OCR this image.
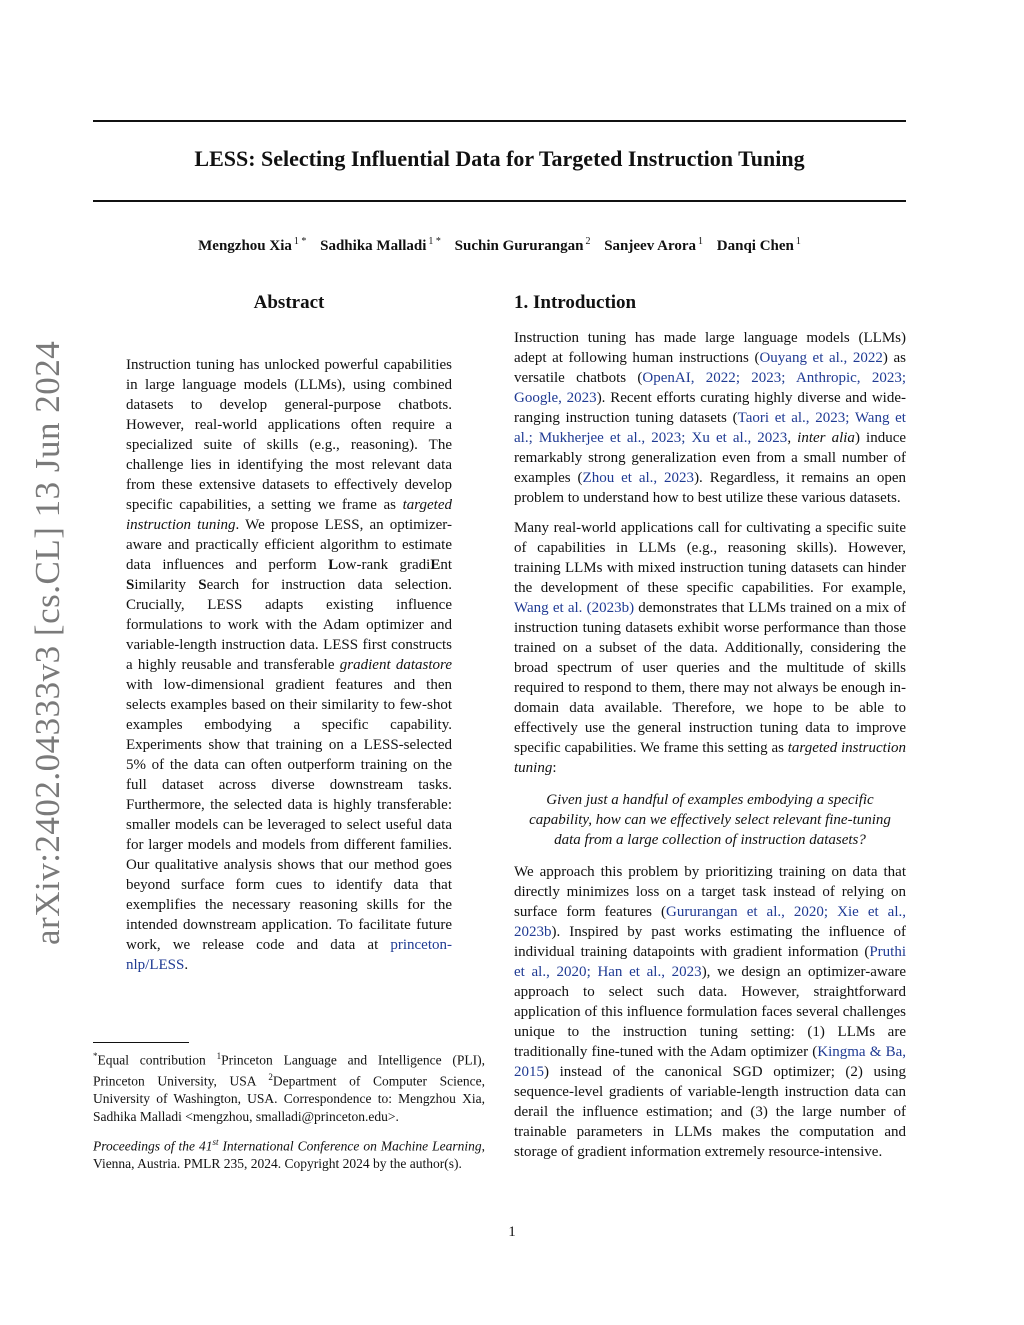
LESS: Selecting Influential Data for Targeted Instruction Tuning
Mengzhou Xia $^{1 *}$ Sadhika Malladi $^{1 *}$ Suchin Gururangan $^2$ Sanjeev Arora $^1$ Danqi Chen $^1$
arXiv:2402.04333v3 [cs.CL] 13 Jun 2024
Abstract
Instruction tuning has unlocked powerful capabilities in large language models (LLMs), using combined datasets to develop general-purpose chatbots. However, real-world applications often require a specialized suite of skills (e.g., reasoning). The challenge lies in identifying the most relevant data from these extensive datasets to effectively develop specific capabilities, a setting we frame as targeted instruction tuning. We propose LESS, an optimizer-aware and practically efficient algorithm to estimate data influences and perform Low-rank gradiEnt Similarity Search for instruction data selection. Crucially, LESS adapts existing influence formulations to work with the Adam optimizer and variable-length instruction data. LESS first constructs a highly reusable and transferable gradient datastore with low-dimensional gradient features and then selects examples based on their similarity to few-shot examples embodying a specific capability. Experiments show that training on a LESS-selected 5% of the data can often outperform training on the full dataset across diverse downstream tasks. Furthermore, the selected data is highly transferable: smaller models can be leveraged to select useful data for larger models and models from different families. Our qualitative analysis shows that our method goes beyond surface form cues to identify data that exemplifies the necessary reasoning skills for the intended downstream application. To facilitate future work, we release code and data at princeton-nlp/LESS.
1. Introduction

Instruction tuning has made large language models (LLMs) adept at following human instructions (Ouyang et al., 2022) as versatile chatbots (OpenAI, 2022; 2023; Anthropic, 2023; Google, 2023). Recent efforts curating highly diverse and wide-ranging instruction tuning datasets (Taori et al., 2023; Wang et al.; Mukherjee et al., 2023; Xu et al., 2023, inter alia) induce remarkably strong generalization even from a small number of examples (Zhou et al., 2023). Regardless, it remains an open problem to understand how to best utilize these various datasets.

Many real-world applications call for cultivating a specific suite of capabilities in LLMs (e.g., reasoning skills). However, training LLMs with mixed instruction tuning datasets can hinder the development of these specific capabilities. For example, Wang et al. (2023b) demonstrates that LLMs trained on a mix of instruction tuning datasets exhibit worse performance than those trained on a subset of the data. Additionally, considering the broad spectrum of user queries and the multitude of skills required to respond to them, there may not always be enough in-domain data available. Therefore, we hope to be able to effectively use the general instruction tuning data to improve specific capabilities. We frame this setting as targeted instruction tuning:

Given just a handful of examples embodying a specific capability, how can we effectively select relevant fine-tuning data from a large collection of instruction datasets?

We approach this problem by prioritizing training on data that directly minimizes loss on a target task instead of relying on surface form features (Gururangan et al., 2020; Xie et al., 2023b). Inspired by past works estimating the influence of individual training datapoints with gradient information (Pruthi et al., 2020; Han et al., 2023), we design an optimizer-aware approach to select such data. However, straightforward application of this influence formulation faces several challenges unique to the instruction tuning setting: (1) LLMs are traditionally fine-tuned with the Adam optimizer (Kingma & Ba, 2015) instead of the canonical SGD optimizer; (2) using sequence-level gradients of variable-length instruction data can derail the influence estimation; and (3) the large number of trainable parameters in LLMs makes the computation and storage of gradient information extremely resource-intensive.

*Equal contribution $^1$Princeton Language and Intelligence (PLI), Princeton University, USA $^2$Department of Computer Science, University of Washington, USA. Correspondence to: Mengzhou Xia, Sadhika Malladi <mengzhou, smalladi@princeton.edu>.

Proceedings of the 41st International Conference on Machine Learning, Vienna, Austria. PMLR 235, 2024. Copyright 2024 by the author(s).

1
